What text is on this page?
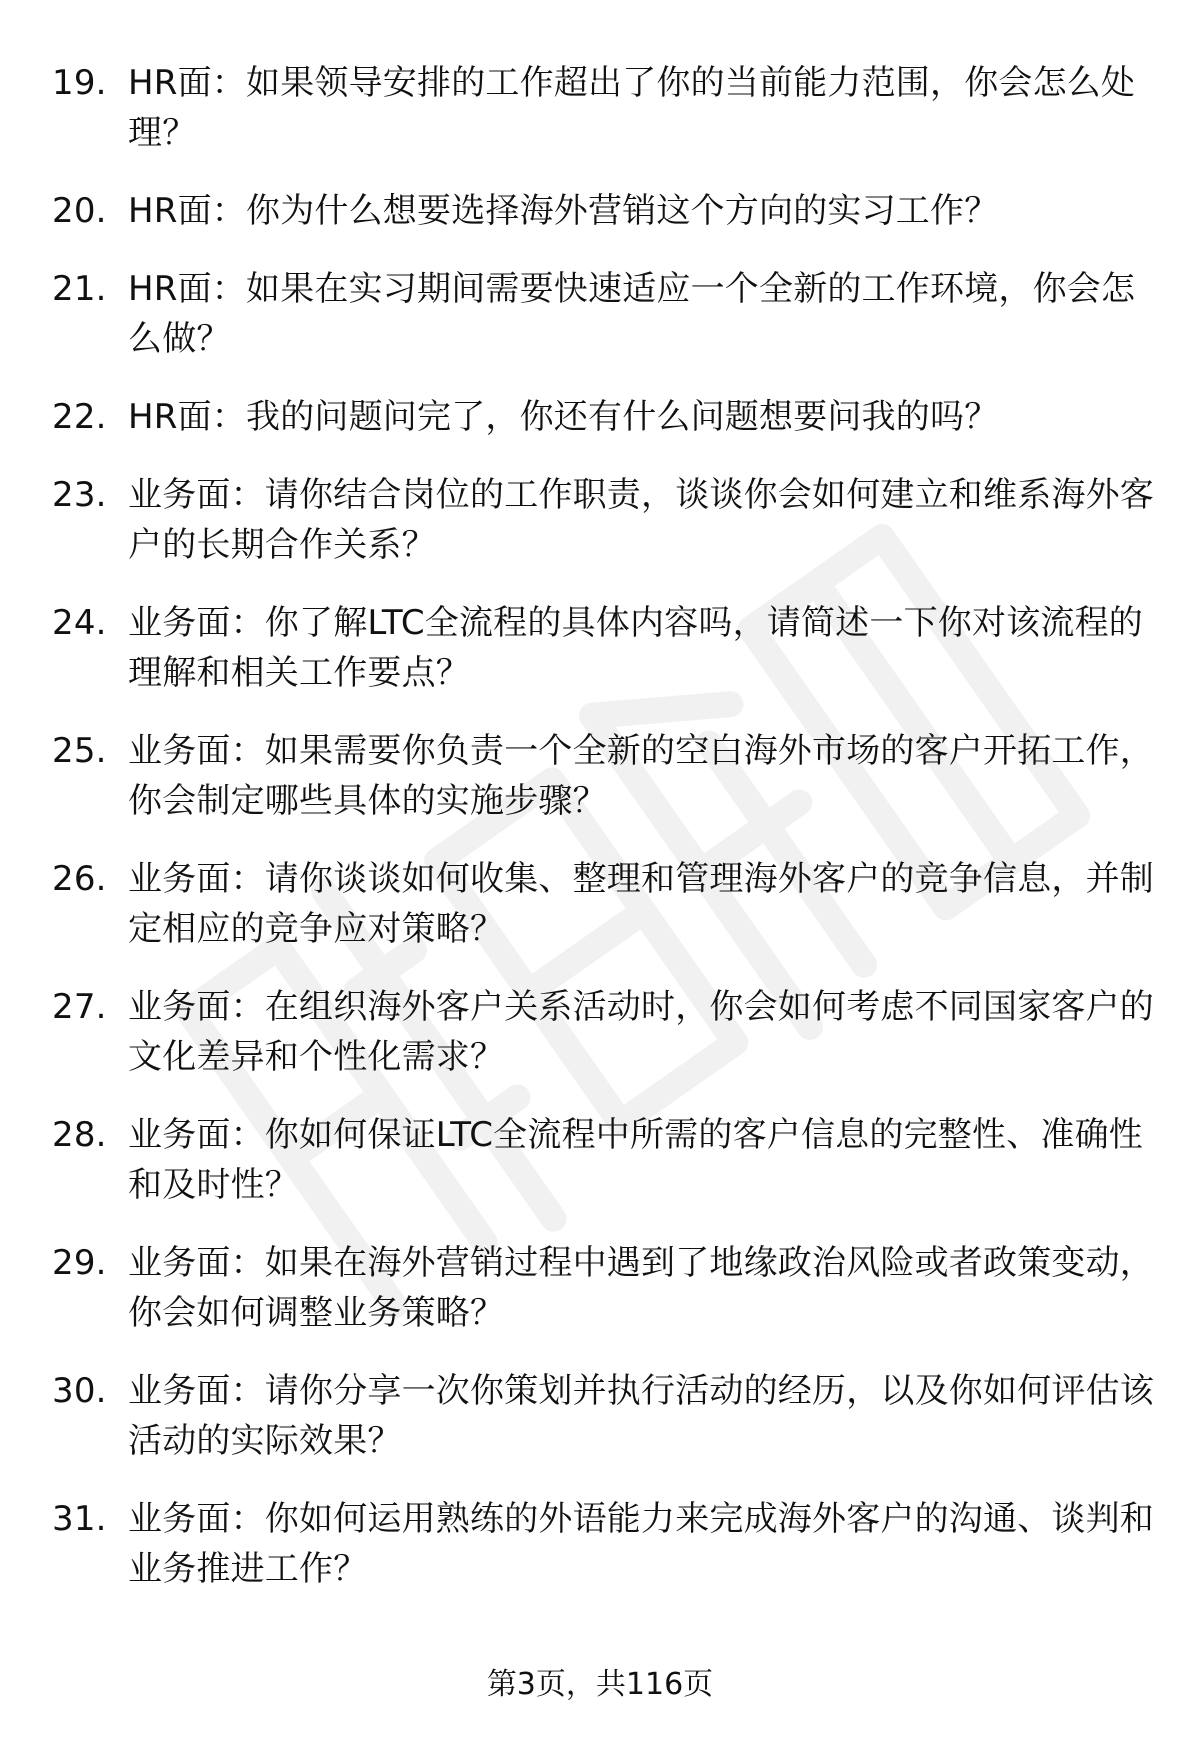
19. HR面：如果领导安排的工作超出了你的当前能力范围，你会怎么处理？
20. HR面：你为什么想要选择海外营销这个方向的实习工作？
21. HR面：如果在实习期间需要快速适应一个全新的工作环境，你会怎么做？
22. HR面：我的问题问完了，你还有什么问题想要问我的吗？
23. 业务面：请你结合岗位的工作职责，谈谈你会如何建立和维系海外客户的长期合作关系？
24. 业务面：你了解LTC全流程的具体内容吗，请简述一下你对该流程的理解和相关工作要点？
25. 业务面：如果需要你负责一个全新的空白海外市场的客户开拓工作，你会制定哪些具体的实施步骤？
26. 业务面：请你谈谈如何收集、整理和管理海外客户的竞争信息，并制定相应的竞争应对策略？
27. 业务面：在组织海外客户关系活动时，你会如何考虑不同国家客户的文化差异和个性化需求？
28. 业务面：你如何保证LTC全流程中所需的客户信息的完整性、准确性和及时性？
29. 业务面：如果在海外营销过程中遇到了地缘政治风险或者政策变动，你会如何调整业务策略？
30. 业务面：请你分享一次你策划并执行活动的经历，以及你如何评估该活动的实际效果？
31. 业务面：你如何运用熟练的外语能力来完成海外客户的沟通、谈判和业务推进工作？
第3页，共116页
